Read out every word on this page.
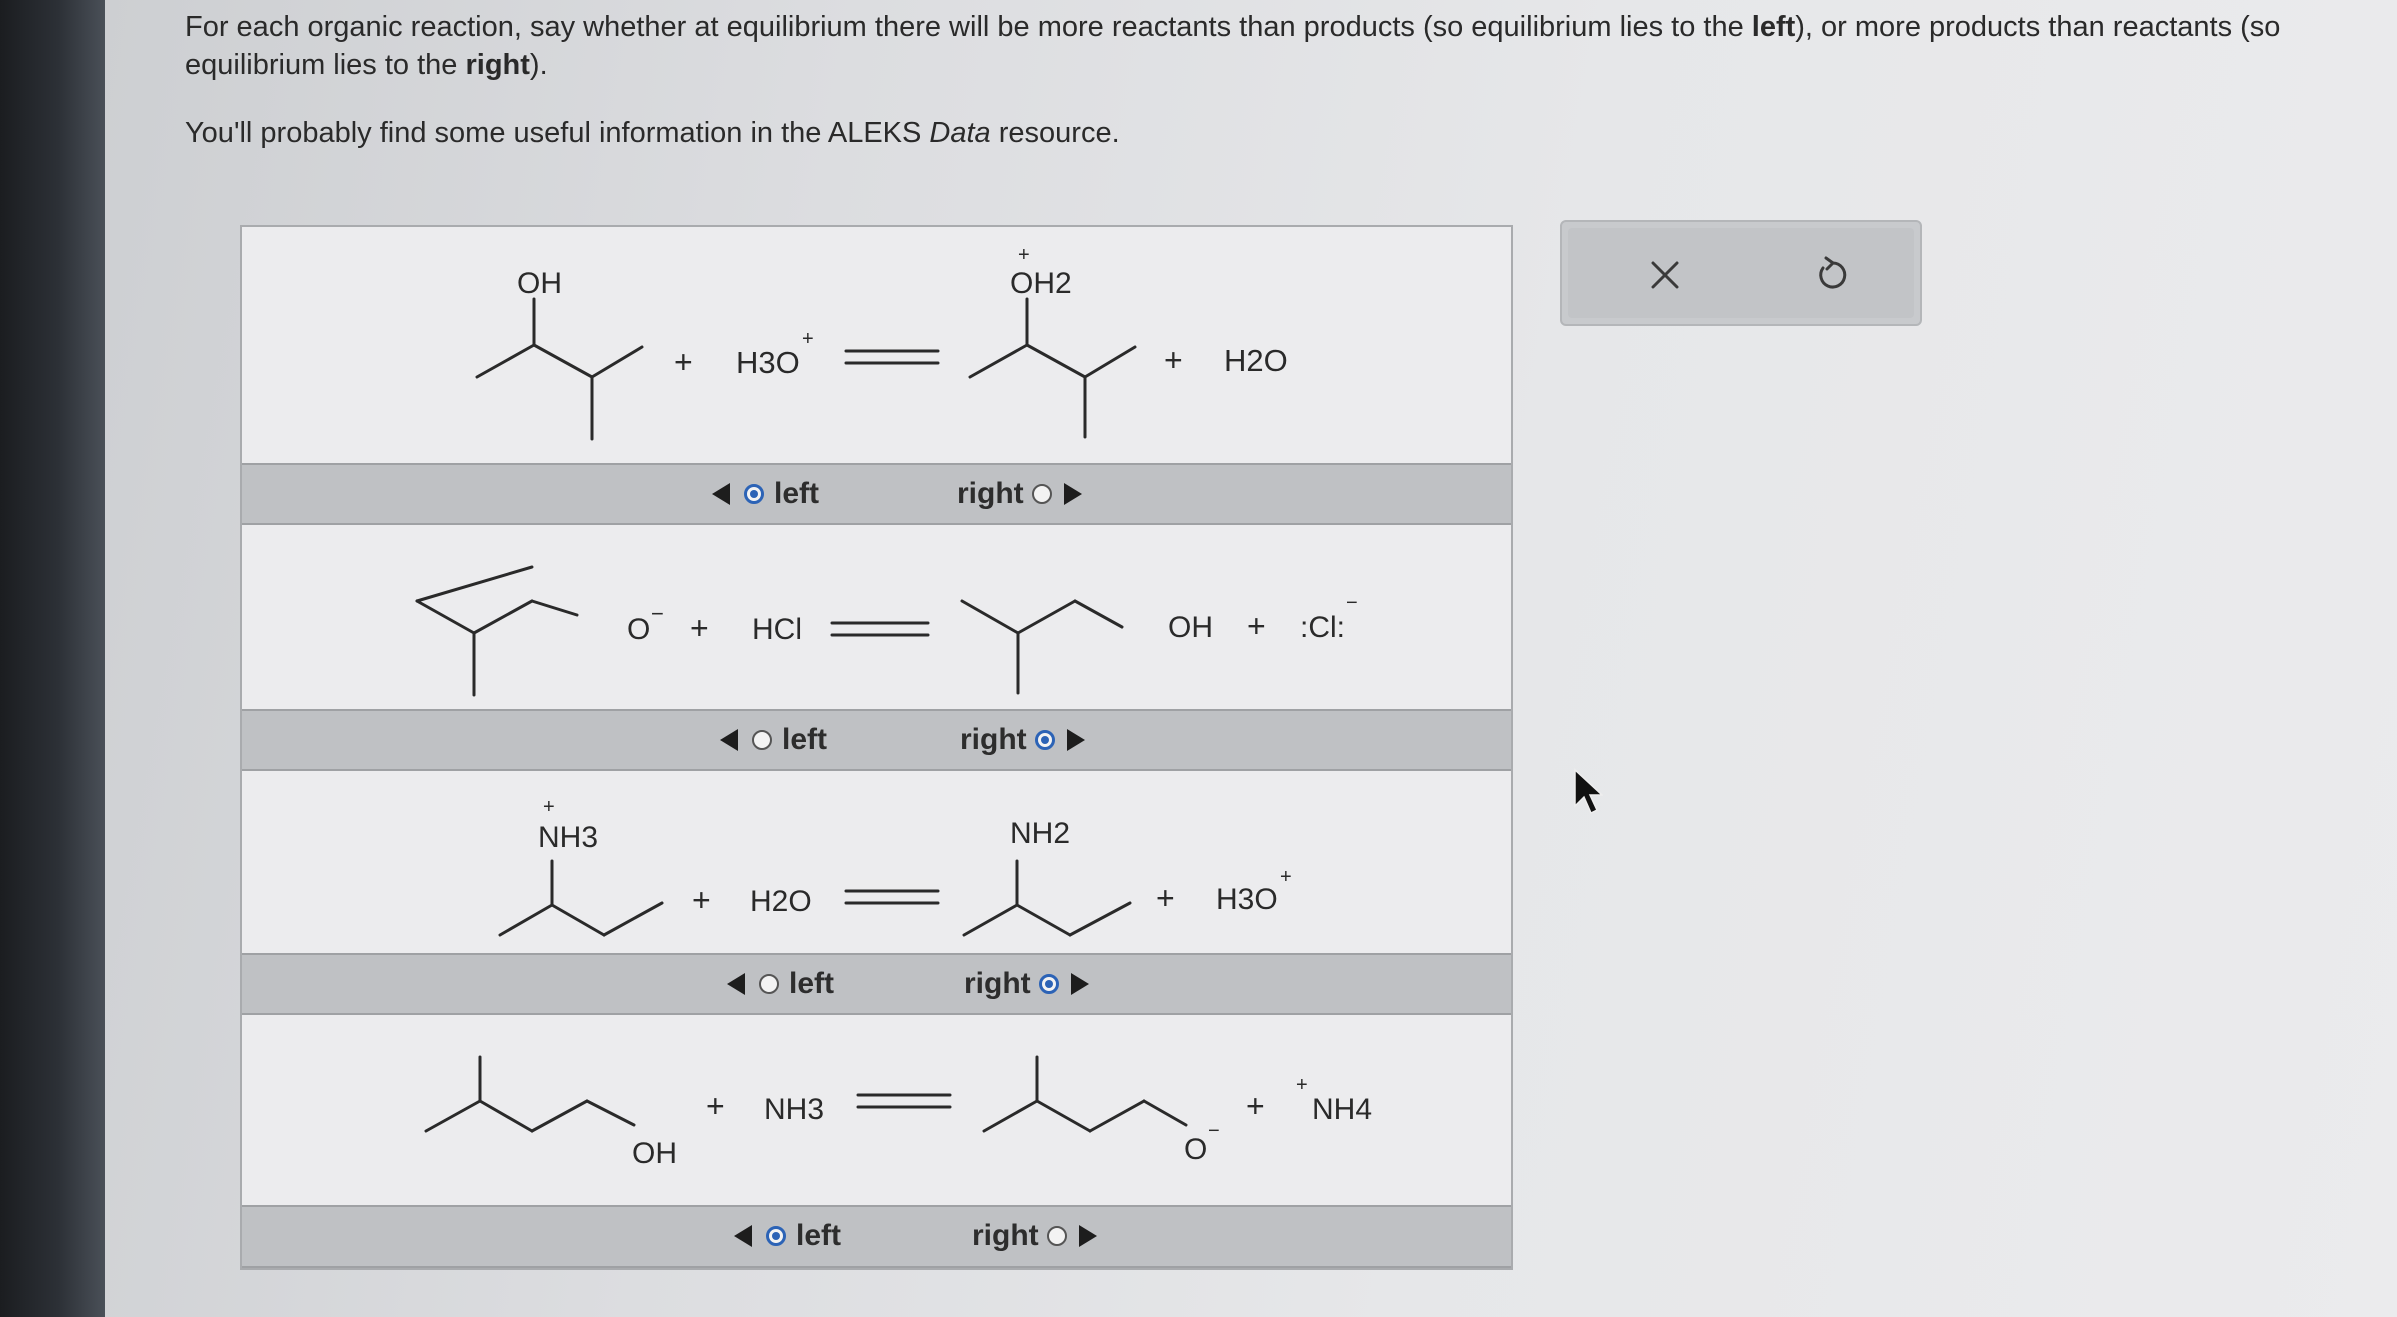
For each organic reaction, say whether at equilibrium there will be more reactants than products (so equilibrium lies to the left), or more products than reactants (so equilibrium lies to the right).
You'll probably find some useful information in the ALEKS Data resource.
OH
+ H3O
+
+
OH2
+ H2O
left	right
O − + HCl	OH + :Cl:
−
left	right
+
NH3
+ H2O
NH2
+ H3O
+
left	right
OH
+ NH3
O
−
+
+
NH4
left	right
